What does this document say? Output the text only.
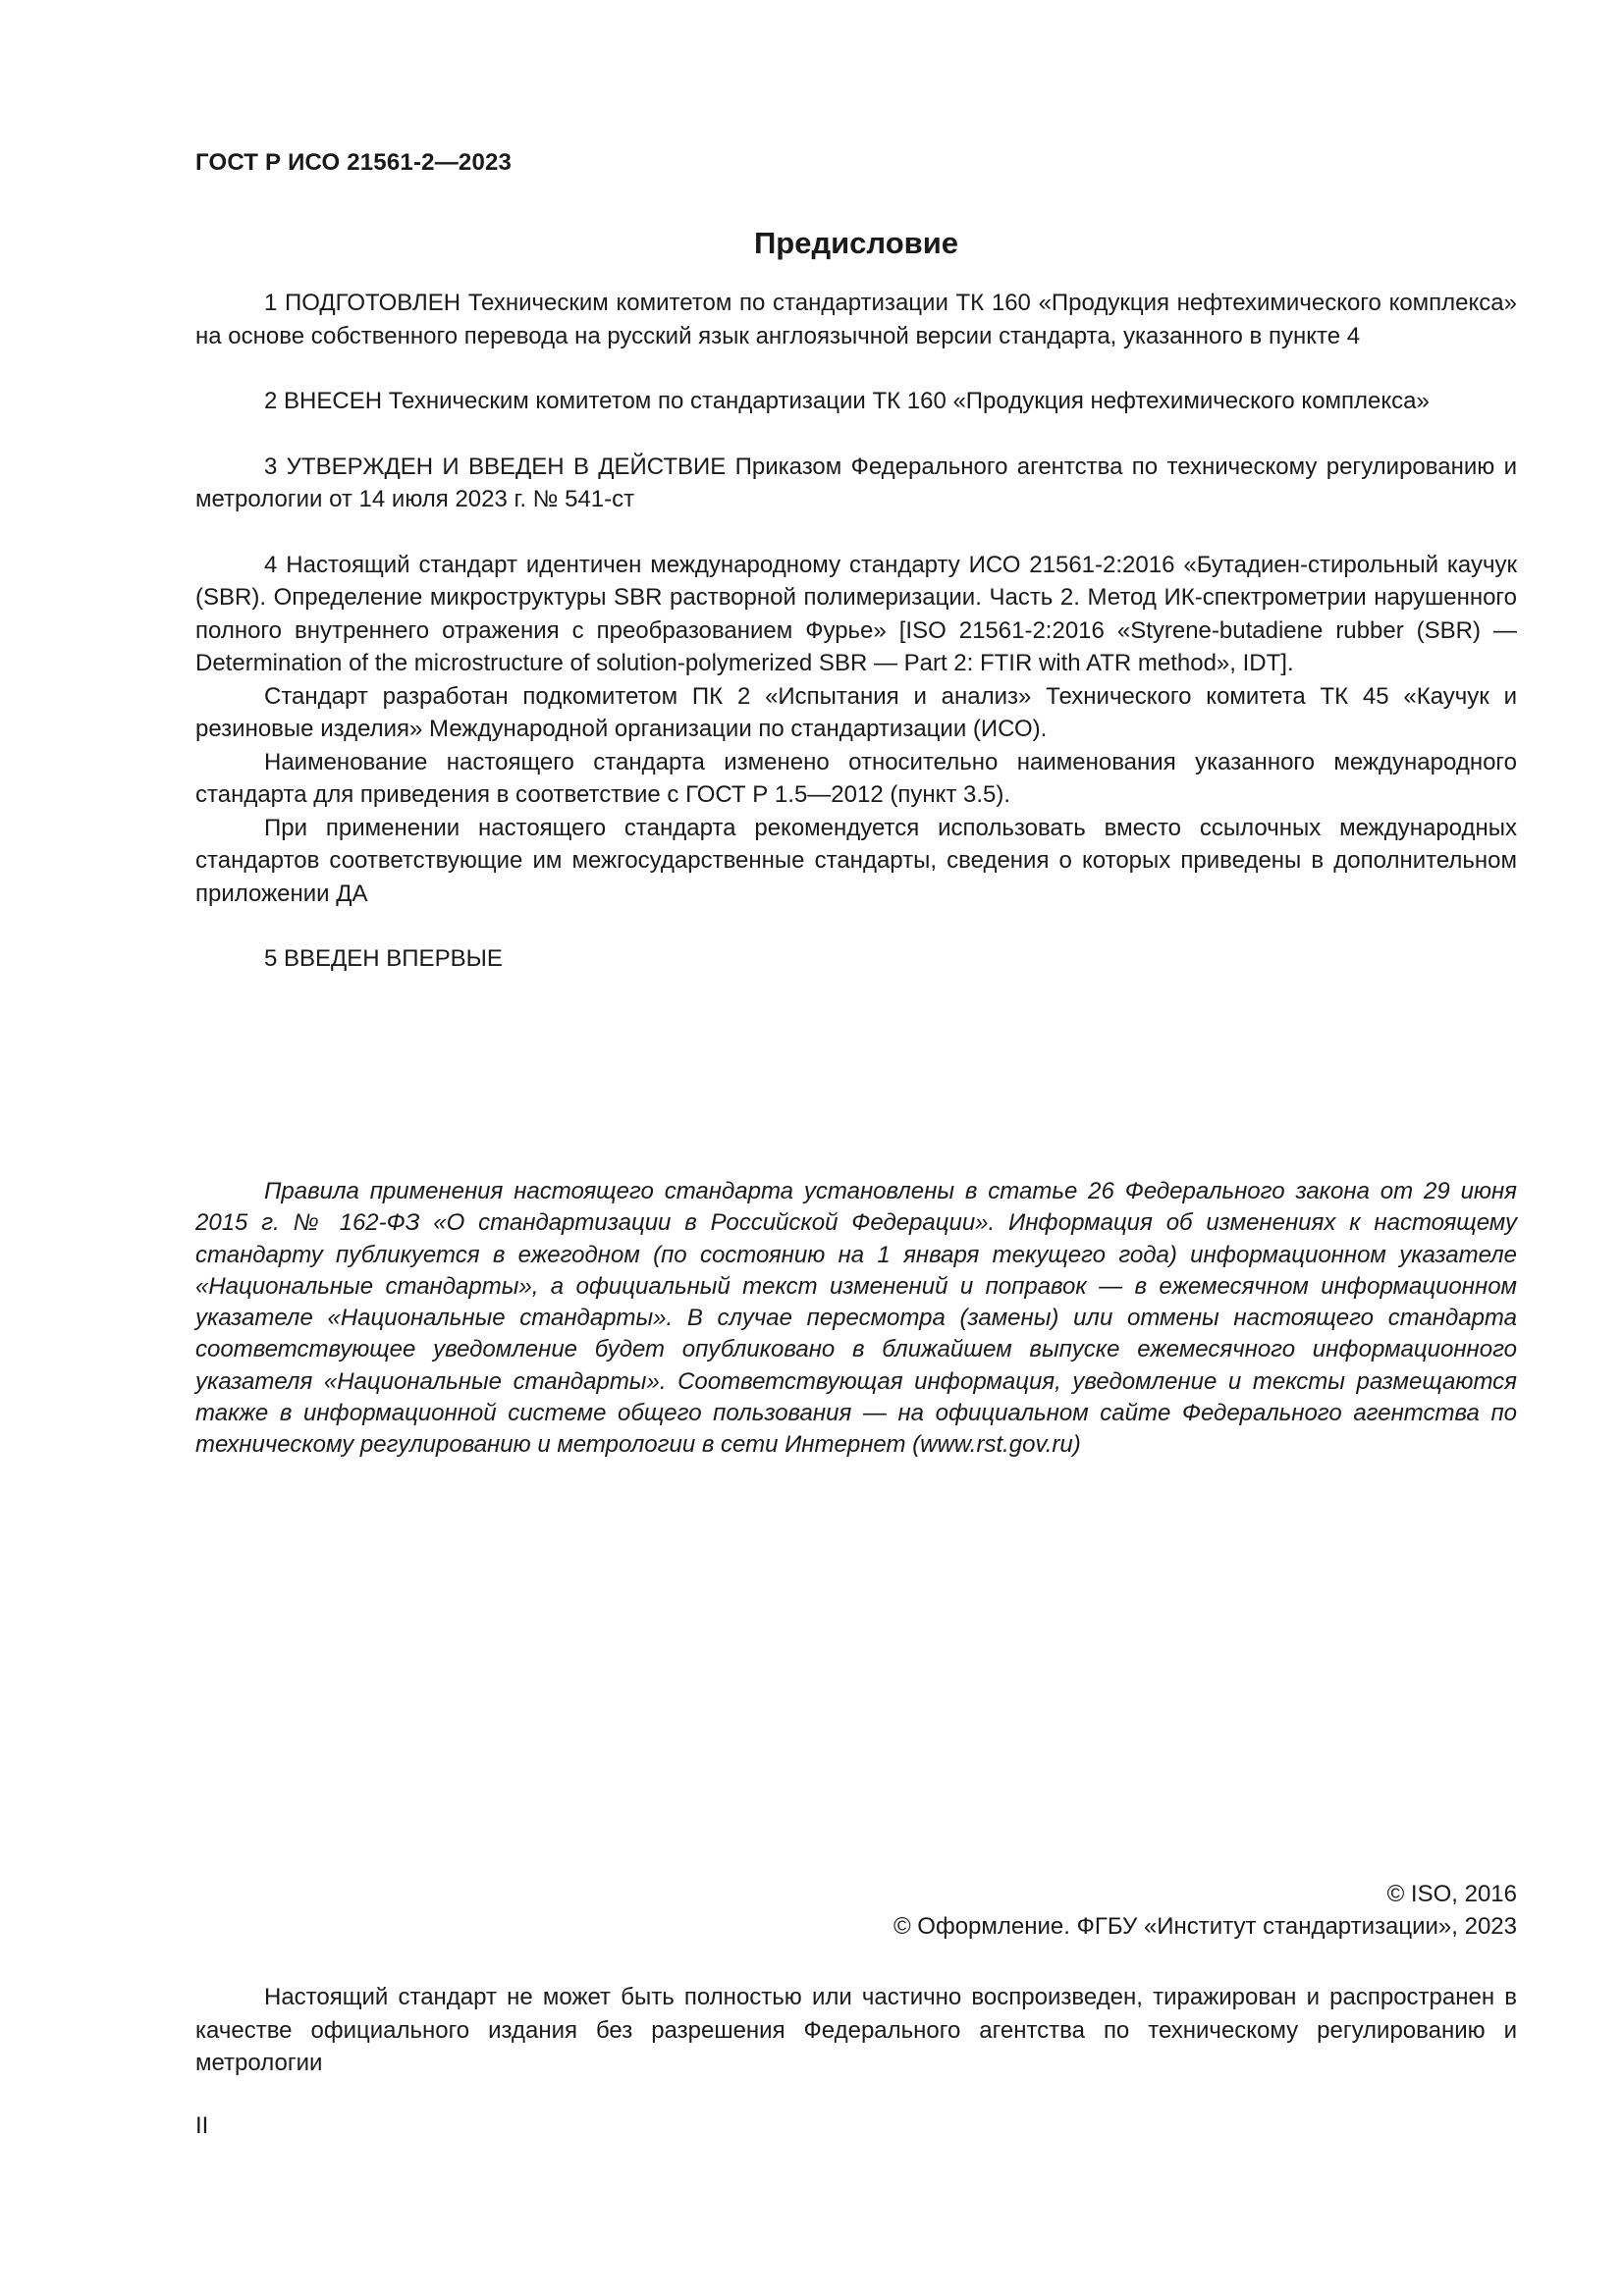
ГОСТ Р ИСО 21561-2—2023
Предисловие

1 ПОДГОТОВЛЕН Техническим комитетом по стандартизации ТК 160 «Продукция нефтехимического комплекса» на основе собственного перевода на русский язык англоязычной версии стандарта, указанного в пункте 4

2 ВНЕСЕН Техническим комитетом по стандартизации ТК 160 «Продукция нефтехимического комплекса»

3 УТВЕРЖДЕН И ВВЕДЕН В ДЕЙСТВИЕ Приказом Федерального агентства по техническому регулированию и метрологии от 14 июля 2023 г. № 541-ст

4 Настоящий стандарт идентичен международному стандарту ИСО 21561-2:2016 «Бутадиен-стирольный каучук (SBR). Определение микроструктуры SBR растворной полимеризации. Часть 2. Метод ИК-спектрометрии нарушенного полного внутреннего отражения с преобразованием Фурье» [ISO 21561-2:2016 «Styrene-butadiene rubber (SBR) — Determination of the microstructure of solution-polymerized SBR — Part 2: FTIR with ATR method», IDT].

Стандарт разработан подкомитетом ПК 2 «Испытания и анализ» Технического комитета ТК 45 «Каучук и резиновые изделия» Международной организации по стандартизации (ИСО).

Наименование настоящего стандарта изменено относительно наименования указанного международного стандарта для приведения в соответствие с ГОСТ Р 1.5—2012 (пункт 3.5).

При применении настоящего стандарта рекомендуется использовать вместо ссылочных международных стандартов соответствующие им межгосударственные стандарты, сведения о которых приведены в дополнительном приложении ДА

5 ВВЕДЕН ВПЕРВЫЕ

Правила применения настоящего стандарта установлены в статье 26 Федерального закона от 29 июня 2015 г. № 162-ФЗ «О стандартизации в Российской Федерации». Информация об изменениях к настоящему стандарту публикуется в ежегодном (по состоянию на 1 января текущего года) информационном указателе «Национальные стандарты», а официальный текст изменений и поправок — в ежемесячном информационном указателе «Национальные стандарты». В случае пересмотра (замены) или отмены настоящего стандарта соответствующее уведомление будет опубликовано в ближайшем выпуске ежемесячного информационного указателя «Национальные стандарты». Соответствующая информация, уведомление и тексты размещаются также в информационной системе общего пользования — на официальном сайте Федерального агентства по техническому регулированию и метрологии в сети Интернет (www.rst.gov.ru)

© ISO, 2016
© Оформление. ФГБУ «Институт стандартизации», 2023

Настоящий стандарт не может быть полностью или частично воспроизведен, тиражирован и распространен в качестве официального издания без разрешения Федерального агентства по техническому регулированию и метрологии

II
